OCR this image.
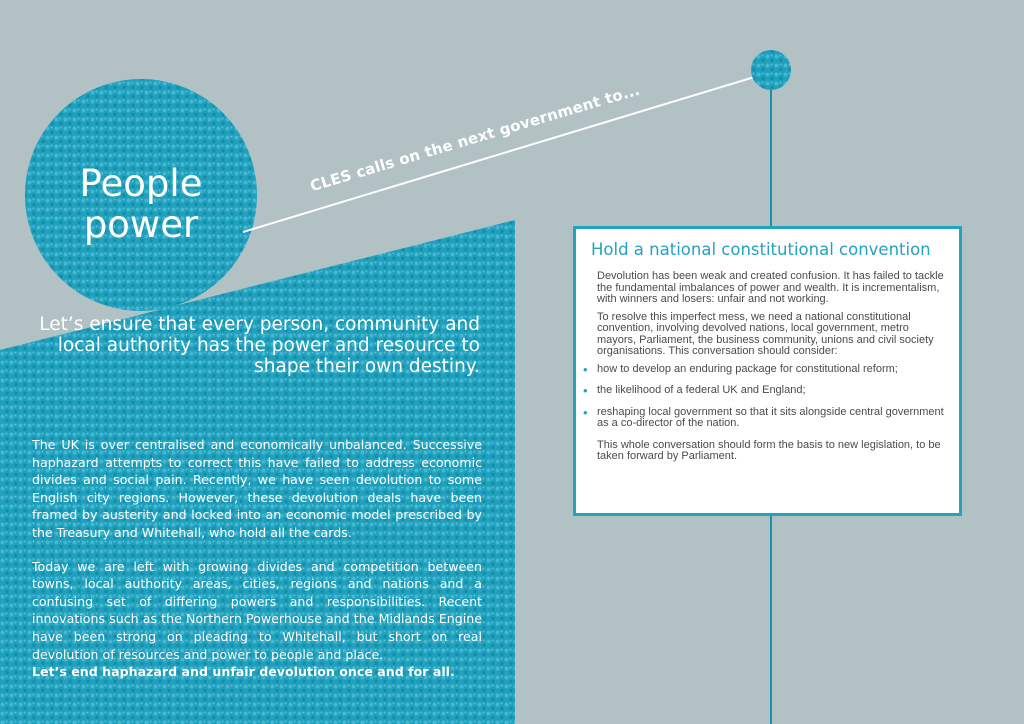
People power
CLES calls on the next government to...
Let’s ensure that every person, community and local authority has the power and resource to shape their own destiny.

The UK is over centralised and economically unbalanced. Successive haphazard attempts to correct this have failed to address economic divides and social pain. Recently, we have seen devolution to some English city regions. However, these devolution deals have been framed by austerity and locked into an economic model prescribed by the Treasury and Whitehall, who hold all the cards.

Today we are left with growing divides and competition between towns, local authority areas, cities, regions and nations and a confusing set of differing powers and responsibilities. Recent innovations such as the Northern Powerhouse and the Midlands Engine have been strong on pleading to Whitehall, but short on real devolution of resources and power to people and place.
Let’s end haphazard and unfair devolution once and for all.

Hold a national constitutional convention

Devolution has been weak and created confusion. It has failed to tackle the fundamental imbalances of power and wealth. It is incrementalism, with winners and losers: unfair and not working.

To resolve this imperfect mess, we need a national constitutional convention, involving devolved nations, local government, metro mayors, Parliament, the business community, unions and civil society organisations. This conversation should consider:

• how to develop an enduring package for constitutional reform;
• the likelihood of a federal UK and England;
• reshaping local government so that it sits alongside central government as a co-director of the nation.

This whole conversation should form the basis to new legislation, to be taken forward by Parliament.
